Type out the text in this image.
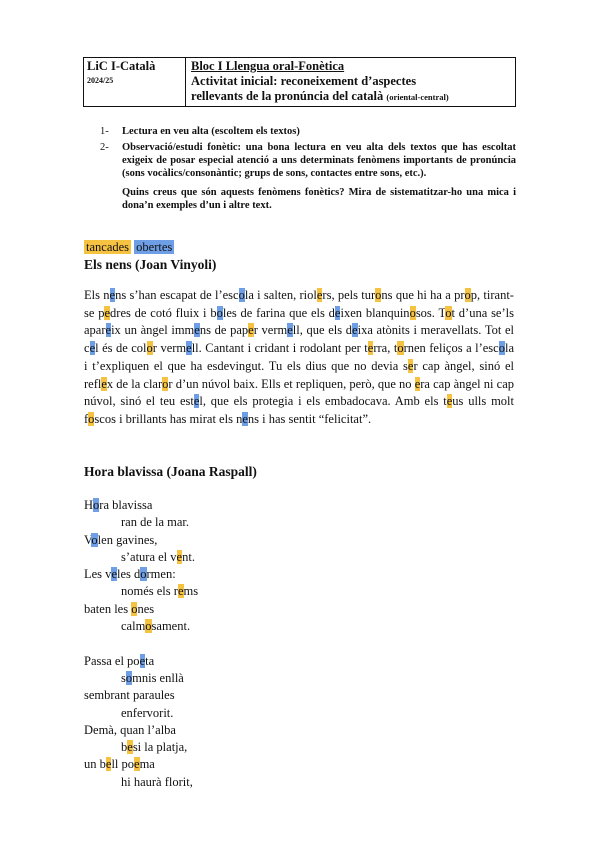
LiC I-Català
2024/25

Bloc I Llengua oral-Fonètica
Activitat inicial: reconeixement d’aspectes
rellevants de la pronúncia del català (oriental-central)
1-	Lectura en veu alta (escoltem els textos)
2-	Observació/estudi fonètic: una bona lectura en veu alta dels textos que has escoltat exigeix de posar especial atenció a uns determinats fenòmens importants de pronúncia (sons vocàlics/consonàntic; grups de sons, contactes entre sons, etc.).
Quins creus que són aquests fenòmens fonètics? Mira de sistematitzar-ho una mica i dona’n exemples d’un i altre text.
tancades obertes
Els nens (Joan Vinyoli)

Els nens s’han escapat de l’escola i salten, riolers, pels turons que hi ha a prop, tirant-se pedres de cotó fluix i boles de farina que els deixen blanquinosos. Tot d’una se’ls apareix un àngel immens de paper vermell, que els deixa atònits i meravellats. Tot el cel és de color vermell. Cantant i cridant i rodolant per terra, tornen feliços a l’escola i t’expliquen el que ha esdevingut. Tu els dius que no devia ser cap àngel, sinó el reflex de la claror d’un núvol baix. Ells et repliquen, però, que no era cap àngel ni cap núvol, sinó el teu estel, que els protegia i els embadocava. Amb els teus ulls molt foscos i brillants has mirat els nens i has sentit “felicitat”.

Hora blavissa (Joana Raspall)
Hora blavissa
ran de la mar.
Volen gavines,
s’atura el vent.
Les veles dormen:
només els rems
baten les ones
calmosament.
Passa el poeta
somnis enllà
sembrant paraules
enfervorit.
Demà, quan l’alba
besi la platja,
un bell poema
hi haurà florit,
